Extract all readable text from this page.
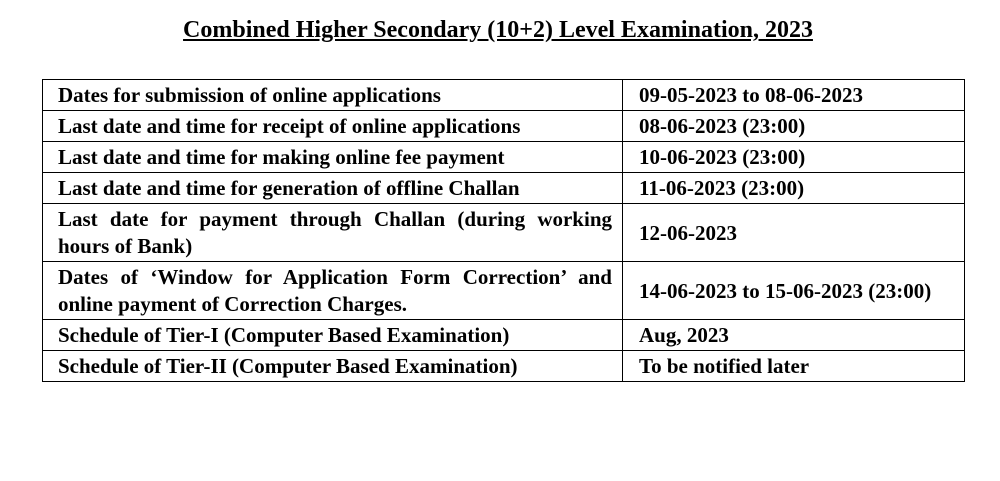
Combined Higher Secondary (10+2) Level Examination, 2023
Dates for submission of online applications	09-05-2023 to 08-06-2023
Last date and time for receipt of online applications	08-06-2023 (23:00)
Last date and time for making online fee payment	10-06-2023 (23:00)
Last date and time for generation of offline Challan	11-06-2023 (23:00)
Last date for payment through Challan (during working hours of Bank)	12-06-2023
Dates of ‘Window for Application Form Correction’ and online payment of Correction Charges.	14-06-2023 to 15-06-2023 (23:00)
Schedule of Tier-I (Computer Based Examination)	Aug, 2023
Schedule of Tier-II (Computer Based Examination)	To be notified later
